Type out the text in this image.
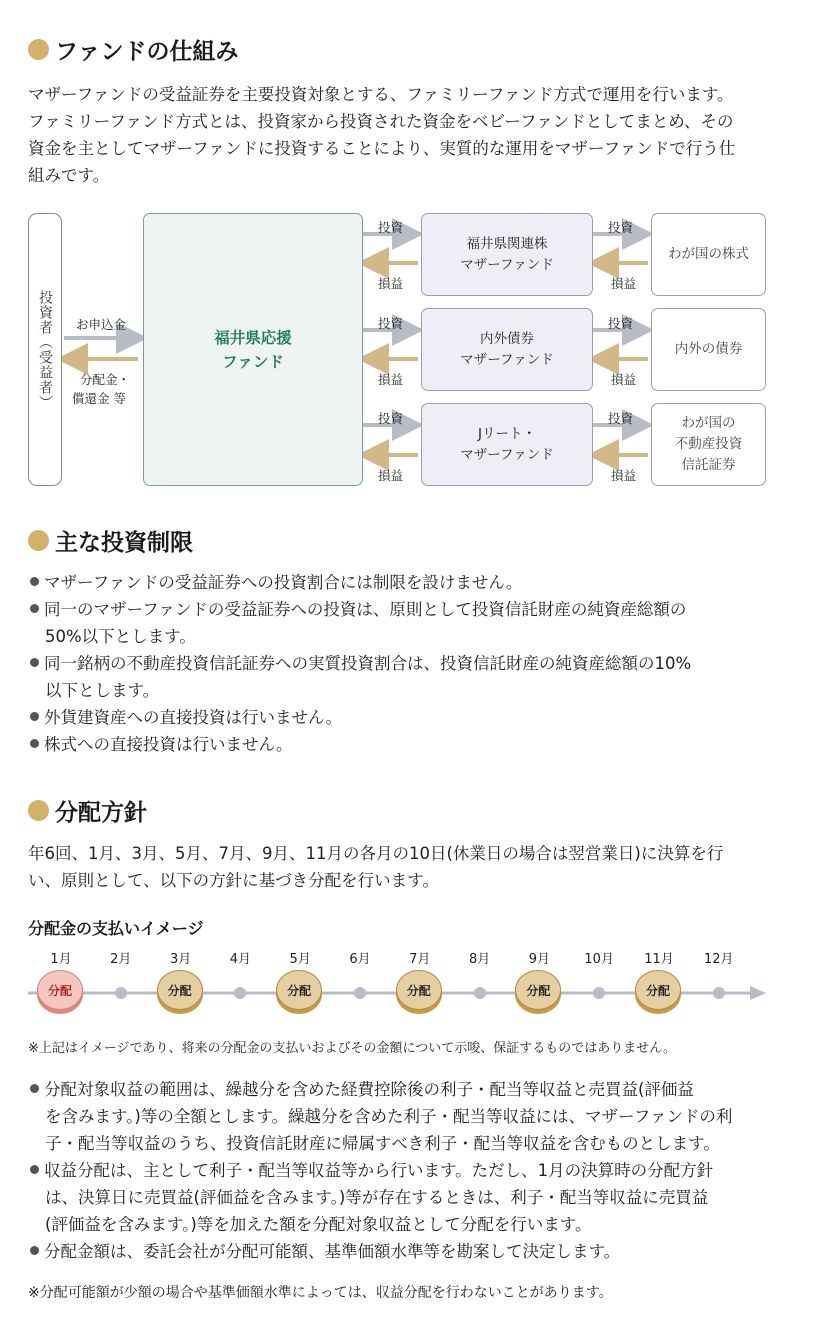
ファンドの仕組み
マザーファンドの受益証券を主要投資対象とする、ファミリーファンド方式で運用を行います。
ファミリーファンド方式とは、投資家から投資された資金をベビーファンドとしてまとめ、その
資金を主としてマザーファンドに投資することにより、実質的な運用をマザーファンドで行う仕
組みです。
投資者（受益者） お申込金
分配金・
償還金 等
福井県応援
ファンド
投資
損益
投資
損益
投資
損益
投資
損益
投資
損益
投資
損益
福井県関連株
マザーファンド
内外債券
マザーファンド
Jリート・
マザーファンド
わが国の株式
内外の債券
わが国の
不動産投資
信託証券
主な投資制限
マザーファンドの受益証券への投資割合には制限を設けません。
同一のマザーファンドの受益証券への投資は、原則として投資信託財産の純資産総額の
50%以下とします。
同一銘柄の不動産投資信託証券への実質投資割合は、投資信託財産の純資産総額の10%
以下とします。
外貨建資産への直接投資は行いません。
株式への直接投資は行いません。
分配方針
年6回、1月、3月、5月、7月、9月、11月の各月の10日(休業日の場合は翌営業日)に決算を行
い、原則として、以下の方針に基づき分配を行います。
分配金の支払いイメージ
1月
分配
2月	3月
分配
4月	5月
分配
6月	7月
分配
8月	9月
分配
10月	11月
分配
12月
※上記はイメージであり、将来の分配金の支払いおよびその金額について示唆、保証するものではありません。
分配対象収益の範囲は、繰越分を含めた経費控除後の利子・配当等収益と売買益(評価益
を含みます。)等の全額とします。繰越分を含めた利子・配当等収益には、マザーファンドの利
子・配当等収益のうち、投資信託財産に帰属すべき利子・配当等収益を含むものとします。
収益分配は、主として利子・配当等収益等から行います。ただし、1月の決算時の分配方針
は、決算日に売買益(評価益を含みます。)等が存在するときは、利子・配当等収益に売買益
(評価益を含みます。)等を加えた額を分配対象収益として分配を行います。
分配金額は、委託会社が分配可能額、基準価額水準等を勘案して決定します。
※分配可能額が少額の場合や基準価額水準によっては、収益分配を行わないことがあります。
